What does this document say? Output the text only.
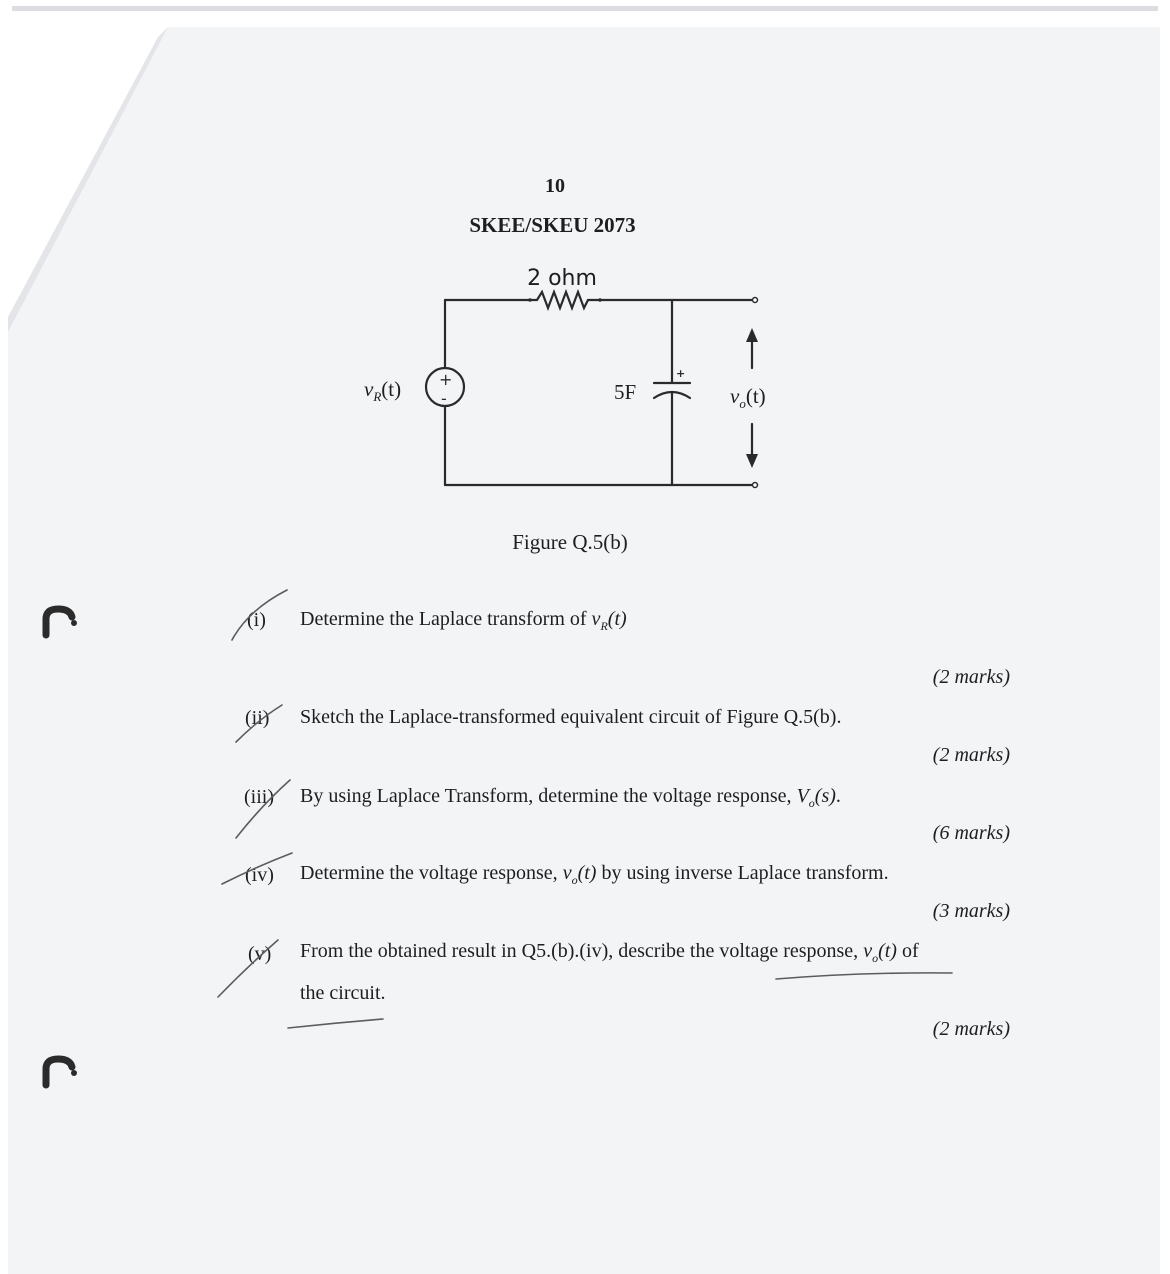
10
SKEE/SKEU 2073
+
-
+
2 ohm
$v_R(t)$	5F	$v_o(t)$
Figure Q.5(b)
(i) Determine the Laplace transform of $v_R(t)$
(2 marks)
(ii) Sketch the Laplace-transformed equivalent circuit of Figure Q.5(b).
(2 marks)
(iii) By using Laplace Transform, determine the voltage response, $V_o(s)$.
(6 marks)
(iv) Determine the voltage response, $v_o(t)$ by using inverse Laplace transform.
(3 marks)
(v) From the obtained result in Q5.(b).(iv), describe the voltage response, $v_o(t)$ of
the circuit.
(2 marks)
